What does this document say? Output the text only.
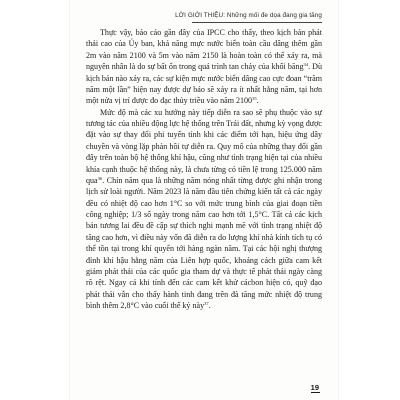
LỜI GIỚI THIỆU: Những mối đe dọa đang gia tăng

Thực vậy, báo cáo gần đây của IPCC cho thấy, theo kịch bản phát thải cao của Ủy ban, khả năng mực nước biển toàn cầu dâng thêm gần 2m vào năm 2100 và 5m vào năm 2150 là hoàn toàn có thể xảy ra, mà nguyên nhân là do sự bất ổn trong quá trình tan chảy của khối băng$^{34}$. Dù kịch bản nào xảy ra, các sự kiện mực nước biển dâng cao cực đoan “trăm năm một lần” hiện nay được dự báo sẽ xảy ra ít nhất hằng năm, tại hơn một nửa vị trí được đo đạc thủy triều vào năm 2100$^{35}$.

Mức độ mà các xu hướng này tiếp diễn ra sao sẽ phụ thuộc vào sự tương tác của nhiều động lực hệ thống trên Trái đất, nhưng kỳ vọng được đặt vào sự thay đổi phi tuyến tính khi các điểm tới hạn, hiệu ứng dây chuyền và vòng lặp phản hồi tự diễn ra. Quy mô của những thay đổi gần đây trên toàn bộ hệ thống khí hậu, cũng như tình trạng hiện tại của nhiều khía cạnh thuộc hệ thống này, là chưa từng có tiền lệ trong 125.000 năm qua$^{36}$. Chín năm qua là những năm nóng nhất từng được ghi nhận trong lịch sử loài người. Năm 2023 là năm đầu tiên chứng kiến tất cả các ngày đều có nhiệt độ cao hơn 1°C so với mức trung bình của giai đoạn tiền công nghiệp; 1/3 số ngày trong năm cao hơn tới 1,5°C. Tất cả các kịch bản tương lai đều đề cập sự thích nghi mạnh mẽ với tình trạng nhiệt độ tăng cao hơn, vì điều này vốn đã diễn ra do lượng khí nhà kính tích tụ có thể tồn tại trong khí quyển tới hàng ngàn năm. Tại các hội nghị thượng đỉnh khí hậu hằng năm của Liên hợp quốc, khoảng cách giữa cam kết giảm phát thải của các quốc gia tham dự và thực tế phát thải ngày càng rõ rệt. Ngay cả khi tính đến các cam kết khử cácbon hiện có, quỹ đạo phát thải vẫn cho thấy hành tinh đang trên đà tăng mức nhiệt độ trung bình thêm 2,8°C vào cuối thế kỷ này$^{37}$.

19
